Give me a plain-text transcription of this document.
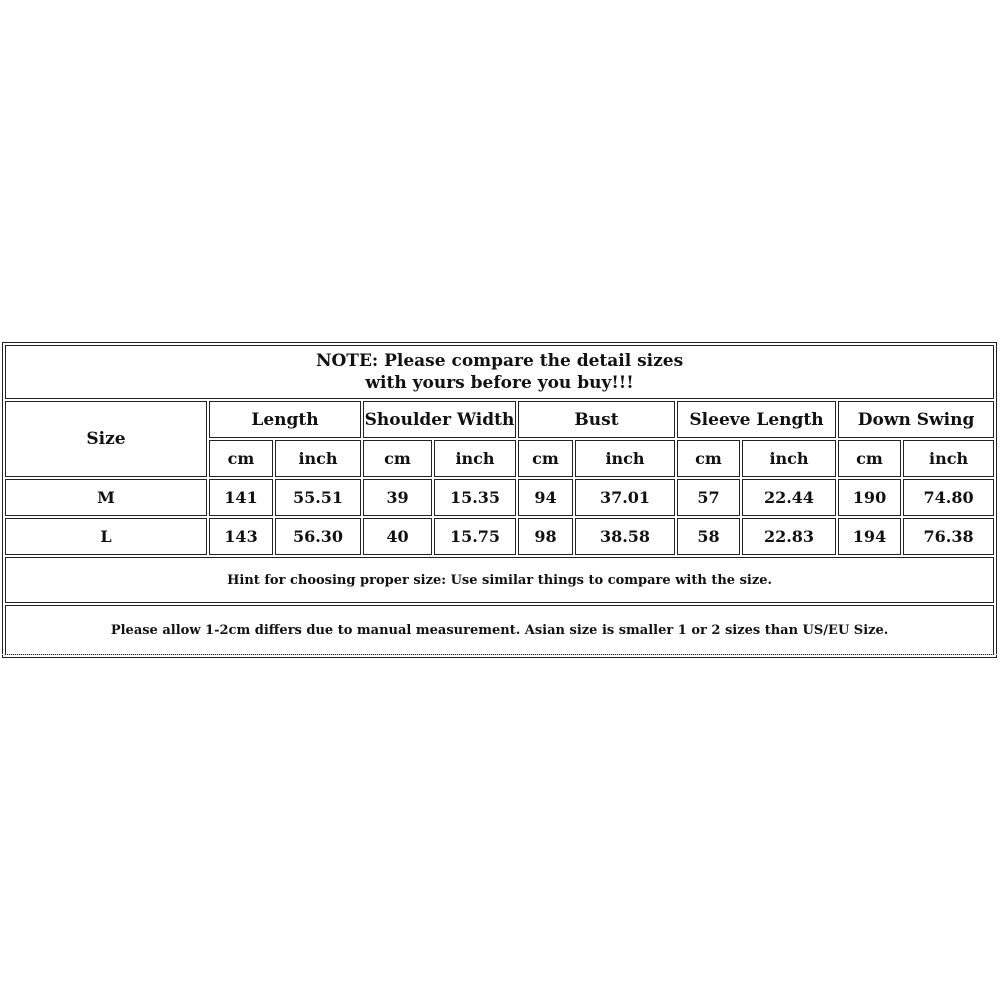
NOTE: Please compare the detail sizes
with yours before you buy!!!										

Size	Length		Shoulder Width		Bust		Sleeve Length		Down Swing	
	cm	inch	cm	inch	cm	inch	cm	inch	cm	inch
M	141	55.51	39	15.35	94	37.01	57	22.44	190	74.80
L	143	56.30	40	15.75	98	38.58	58	22.83	194	76.38
Hint for choosing proper size: Use similar things to compare with the size.										
Please allow 1-2cm differs due to manual measurement. Asian size is smaller 1 or 2 sizes than US/EU Size.										
